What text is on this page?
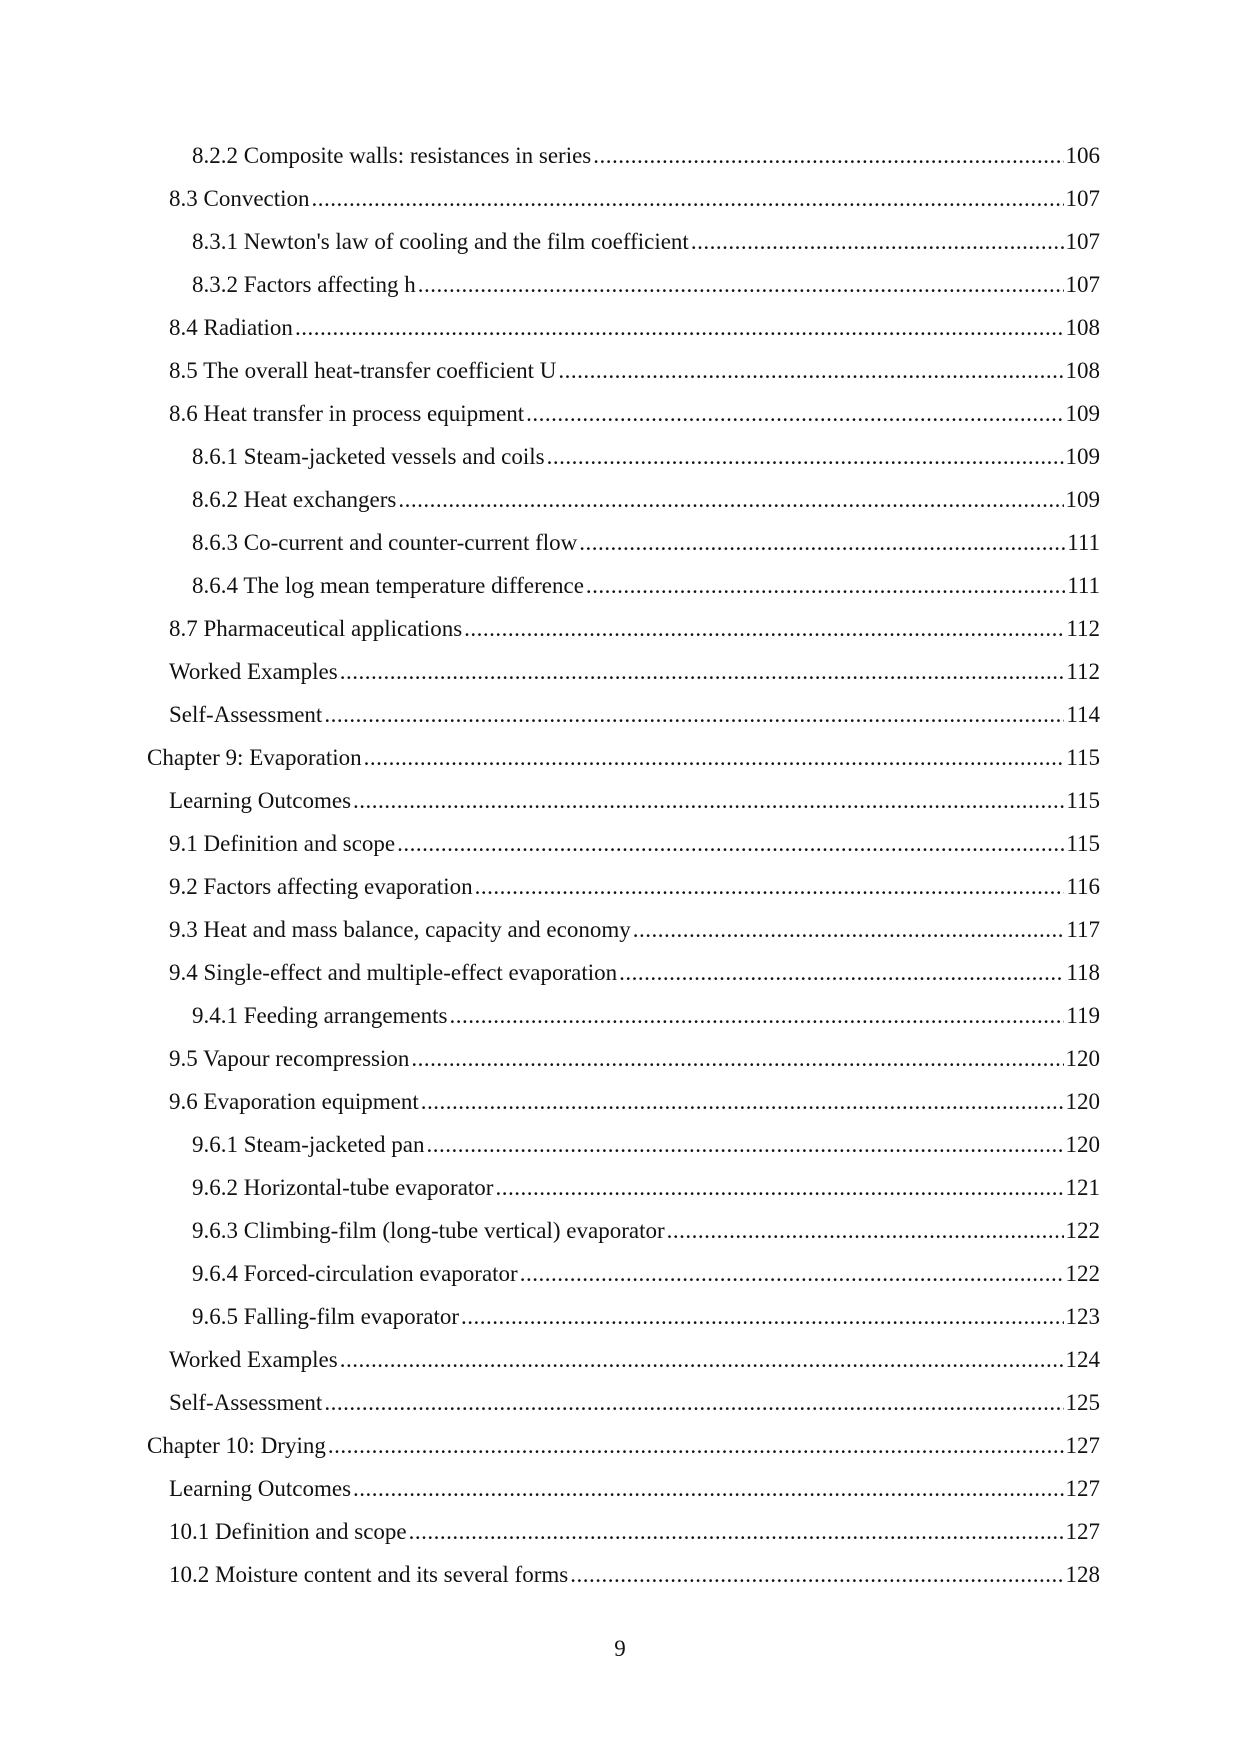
8.2.2 Composite walls: resistances in series .....	106
8.3 Convection .....	107
8.3.1 Newton's law of cooling and the film coefficient .....	107
8.3.2 Factors affecting h .....	107
8.4 Radiation .....	108
8.5 The overall heat-transfer coefficient U .....	108
8.6 Heat transfer in process equipment .....	109
8.6.1 Steam-jacketed vessels and coils .....	109
8.6.2 Heat exchangers .....	109
8.6.3 Co-current and counter-current flow .....	111
8.6.4 The log mean temperature difference .....	111
8.7 Pharmaceutical applications .....	112
Worked Examples .....	112
Self-Assessment .....	114
Chapter 9: Evaporation .....	115
Learning Outcomes .....	115
9.1 Definition and scope .....	115
9.2 Factors affecting evaporation .....	116
9.3 Heat and mass balance, capacity and economy .....	117
9.4 Single-effect and multiple-effect evaporation .....	118
9.4.1 Feeding arrangements .....	119
9.5 Vapour recompression .....	120
9.6 Evaporation equipment .....	120
9.6.1 Steam-jacketed pan .....	120
9.6.2 Horizontal-tube evaporator .....	121
9.6.3 Climbing-film (long-tube vertical) evaporator .....	122
9.6.4 Forced-circulation evaporator .....	122
9.6.5 Falling-film evaporator .....	123
Worked Examples .....	124
Self-Assessment .....	125
Chapter 10: Drying .....	127
Learning Outcomes .....	127
10.1 Definition and scope .....	127
10.2 Moisture content and its several forms .....	128
9
